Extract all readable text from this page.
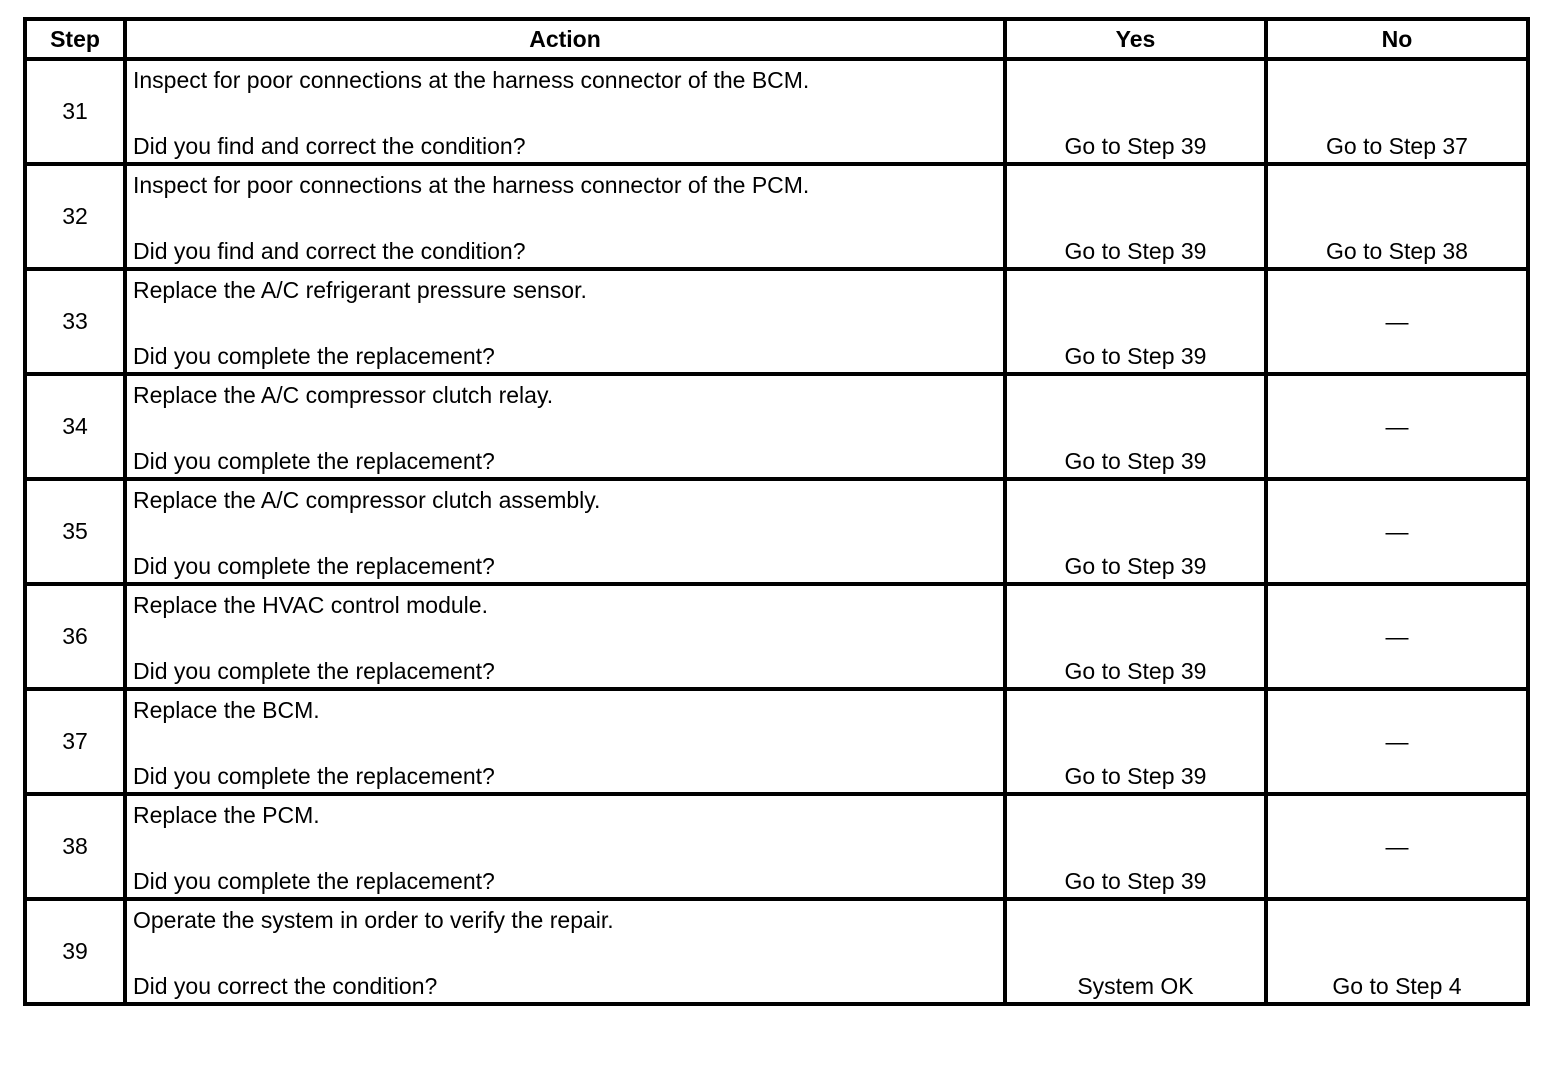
Step	Action	Yes	No
31	Inspect for poor connections at the harness connector of the BCM.
Did you find and correct the condition?	Go to Step 39	Go to Step 37

32	Inspect for poor connections at the harness connector of the PCM.
Did you find and correct the condition?	Go to Step 39	Go to Step 38

33	Replace the A/C refrigerant pressure sensor.
Did you complete the replacement?	Go to Step 39	—

34	Replace the A/C compressor clutch relay.
Did you complete the replacement?	Go to Step 39	—

35	Replace the A/C compressor clutch assembly.
Did you complete the replacement?	Go to Step 39	—

36	Replace the HVAC control module.
Did you complete the replacement?	Go to Step 39	—

37	Replace the BCM.
Did you complete the replacement?	Go to Step 39	—

38	Replace the PCM.
Did you complete the replacement?	Go to Step 39	—

39	Operate the system in order to verify the repair.
Did you correct the condition?	System OK	Go to Step 4
